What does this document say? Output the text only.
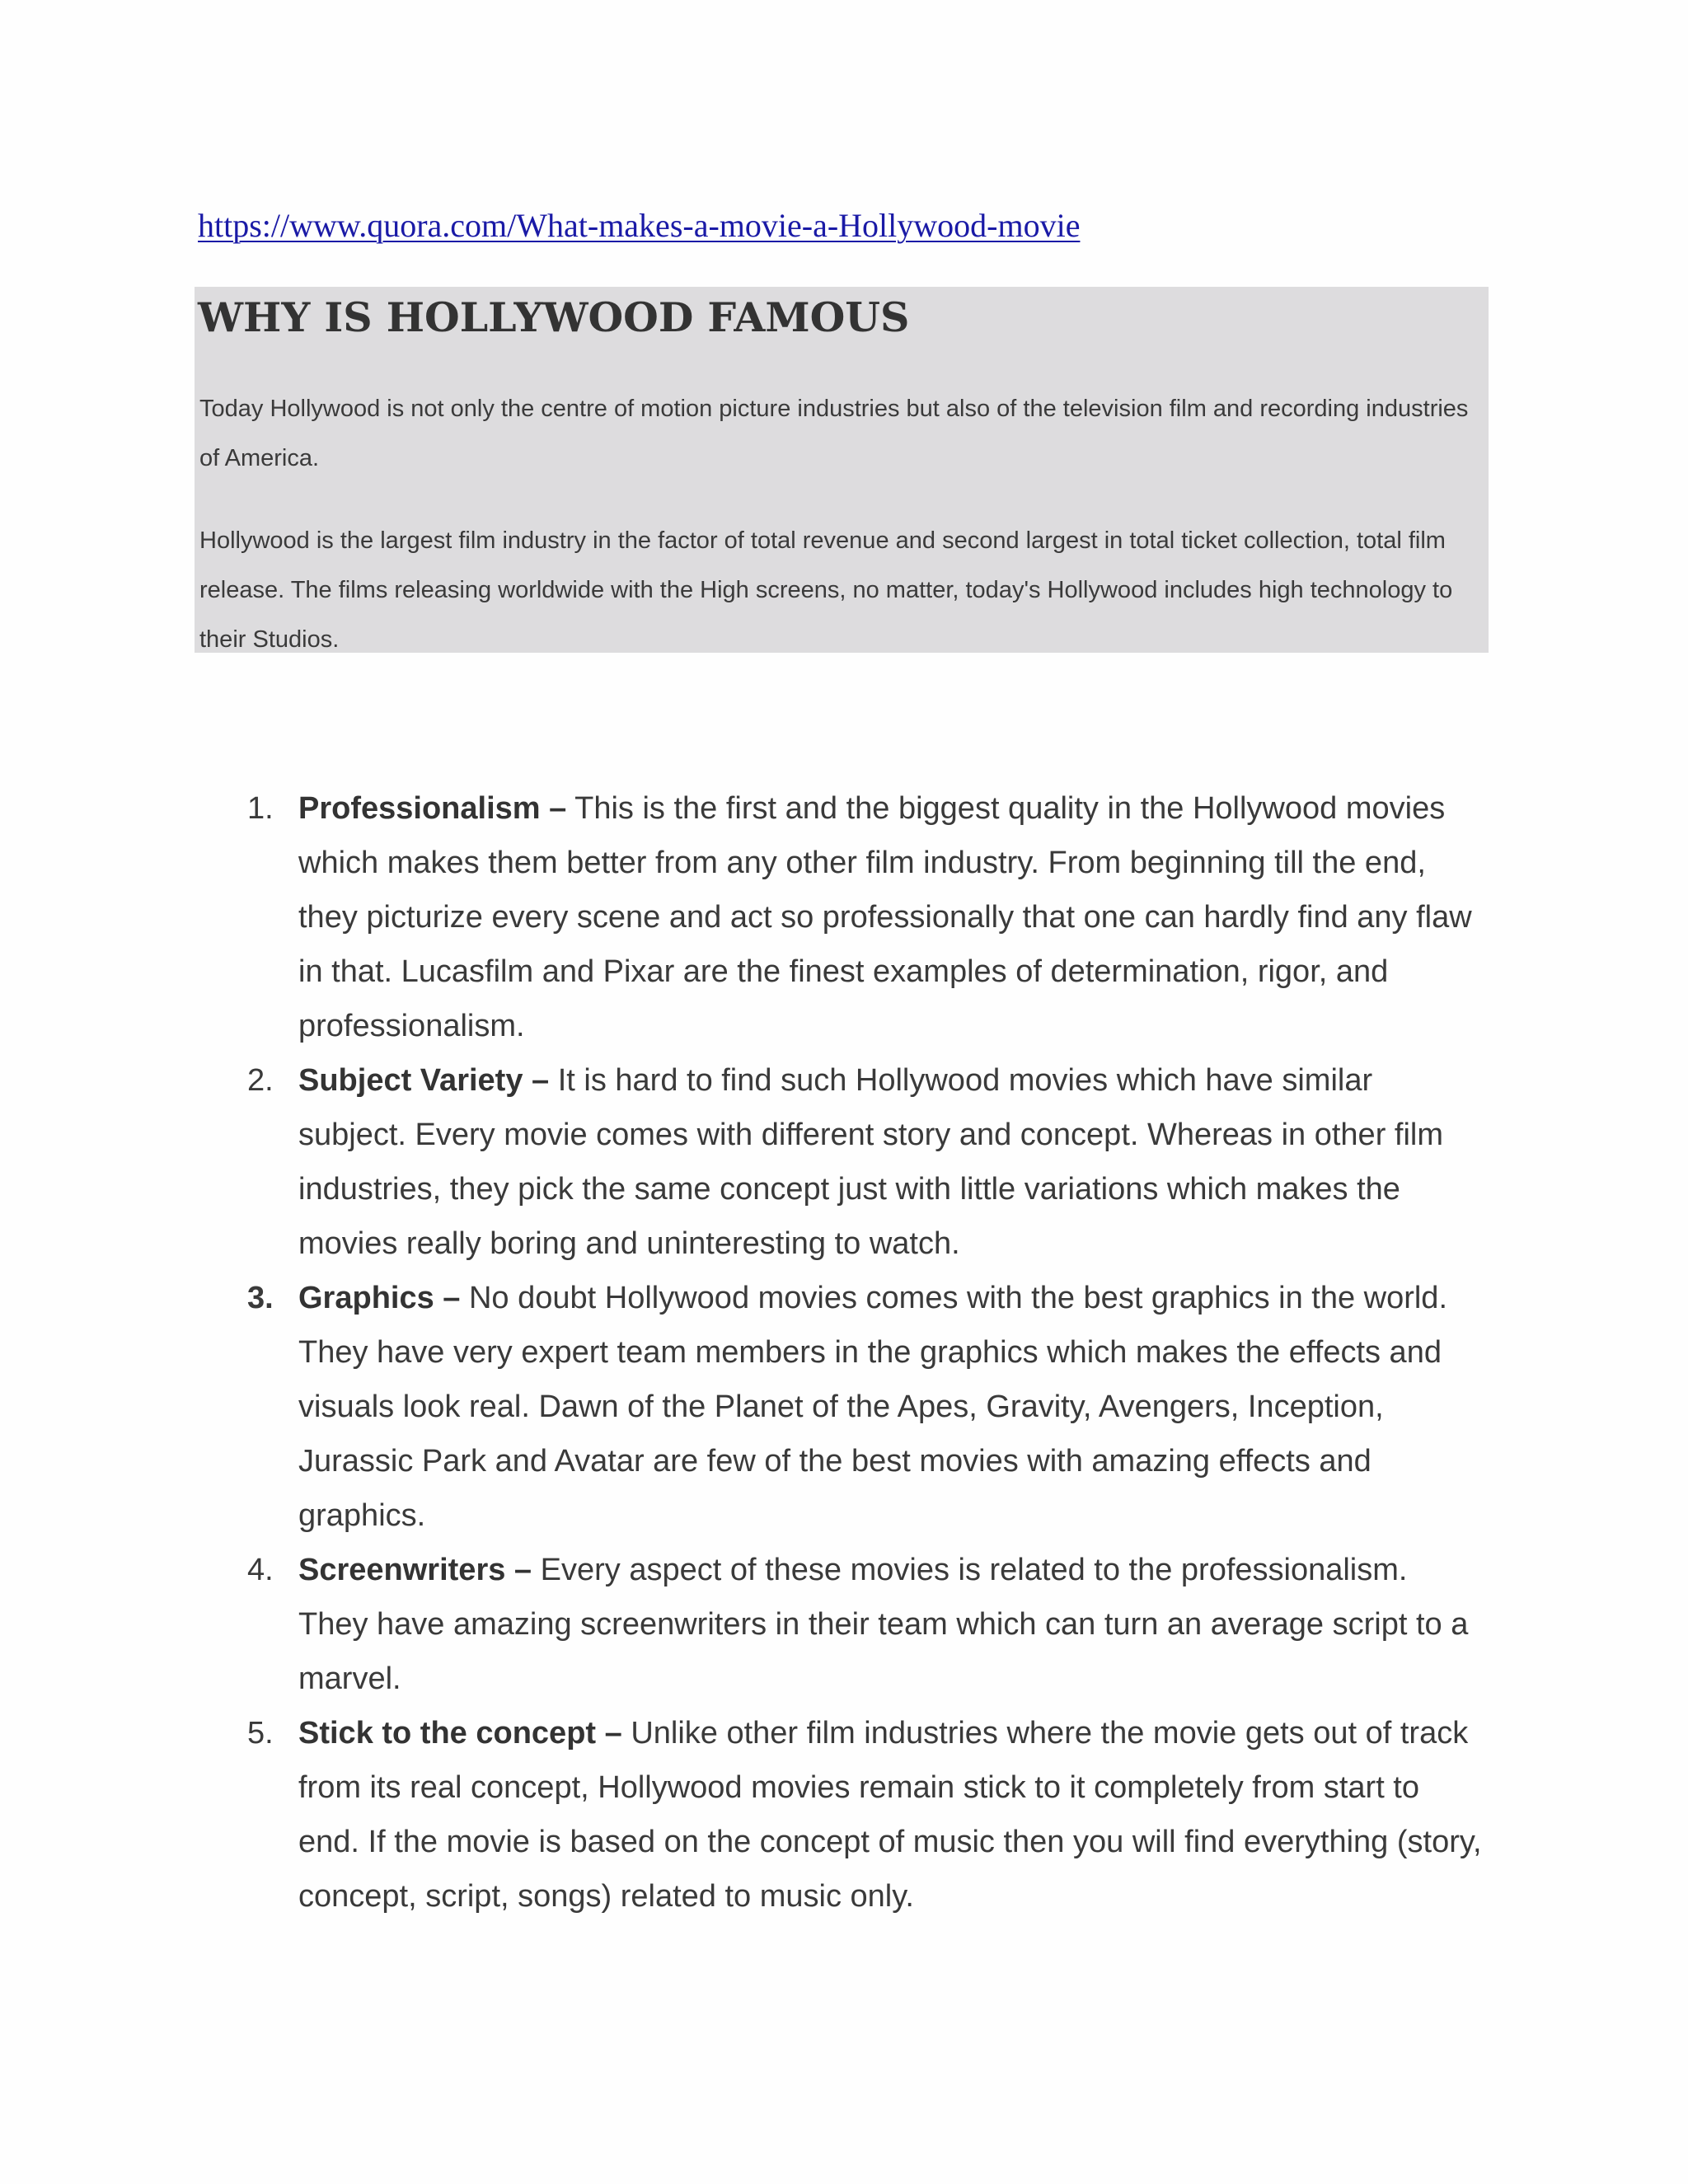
https://www.quora.com/What-makes-a-movie-a-Hollywood-movie
WHY IS HOLLYWOOD FAMOUS

Today Hollywood is not only the centre of motion picture industries but also of the television film and recording industries of America.

Hollywood is the largest film industry in the factor of total revenue and second largest in total ticket collection, total film release. The films releasing worldwide with the High screens, no matter, today's Hollywood includes high technology to their Studios.

1. Professionalism – This is the first and the biggest quality in the Hollywood movies which makes them better from any other film industry. From beginning till the end, they picturize every scene and act so professionally that one can hardly find any flaw in that. Lucasfilm and Pixar are the finest examples of determination, rigor, and professionalism.
2. Subject Variety – It is hard to find such Hollywood movies which have similar subject. Every movie comes with different story and concept. Whereas in other film industries, they pick the same concept just with little variations which makes the movies really boring and uninteresting to watch.
3. Graphics – No doubt Hollywood movies comes with the best graphics in the world. They have very expert team members in the graphics which makes the effects and visuals look real. Dawn of the Planet of the Apes, Gravity, Avengers, Inception, Jurassic Park and Avatar are few of the best movies with amazing effects and graphics.
4. Screenwriters – Every aspect of these movies is related to the professionalism. They have amazing screenwriters in their team which can turn an average script to a marvel.
5. Stick to the concept – Unlike other film industries where the movie gets out of track from its real concept, Hollywood movies remain stick to it completely from start to end. If the movie is based on the concept of music then you will find everything (story, concept, script, songs) related to music only.
